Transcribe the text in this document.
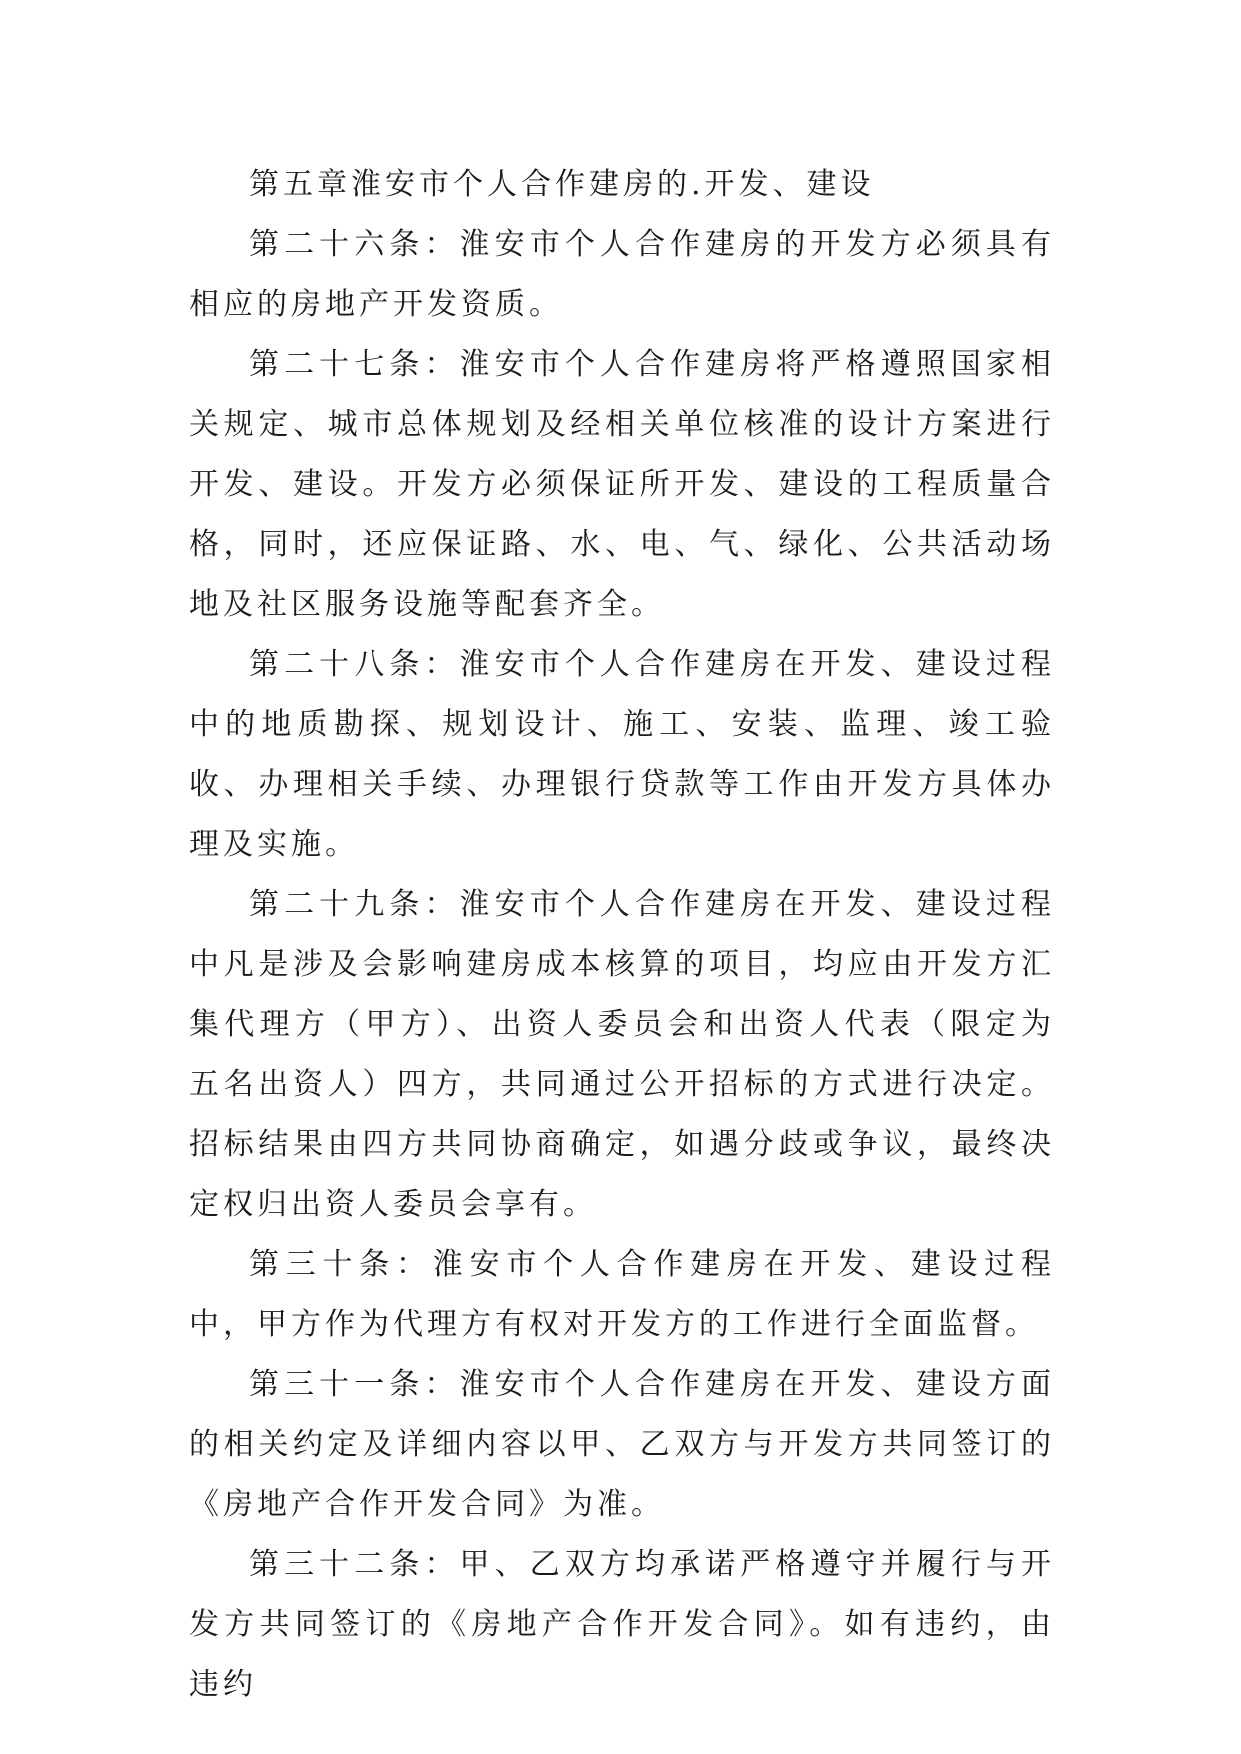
第五章淮安市个人合作建房的.开发、建设

第二十六条：淮安市个人合作建房的开发方必须具有相应的房地产开发资质。

第二十七条：淮安市个人合作建房将严格遵照国家相关规定、城市总体规划及经相关单位核准的设计方案进行开发、建设。开发方必须保证所开发、建设的工程质量合格，同时，还应保证路、水、电、气、绿化、公共活动场地及社区服务设施等配套齐全。

第二十八条：淮安市个人合作建房在开发、建设过程中的地质勘探、规划设计、施工、安装、监理、竣工验收、办理相关手续、办理银行贷款等工作由开发方具体办理及实施。

第二十九条：淮安市个人合作建房在开发、建设过程中凡是涉及会影响建房成本核算的项目，均应由开发方汇集代理方（甲方）、出资人委员会和出资人代表（限定为五名出资人）四方，共同通过公开招标的方式进行决定。招标结果由四方共同协商确定，如遇分歧或争议，最终决定权归出资人委员会享有。

第三十条：淮安市个人合作建房在开发、建设过程中，甲方作为代理方有权对开发方的工作进行全面监督。

第三十一条：淮安市个人合作建房在开发、建设方面的相关约定及详细内容以甲、乙双方与开发方共同签订的《房地产合作开发合同》为准。

第三十二条：甲、乙双方均承诺严格遵守并履行与开发方共同签订的《房地产合作开发合同》。如有违约，由违约
